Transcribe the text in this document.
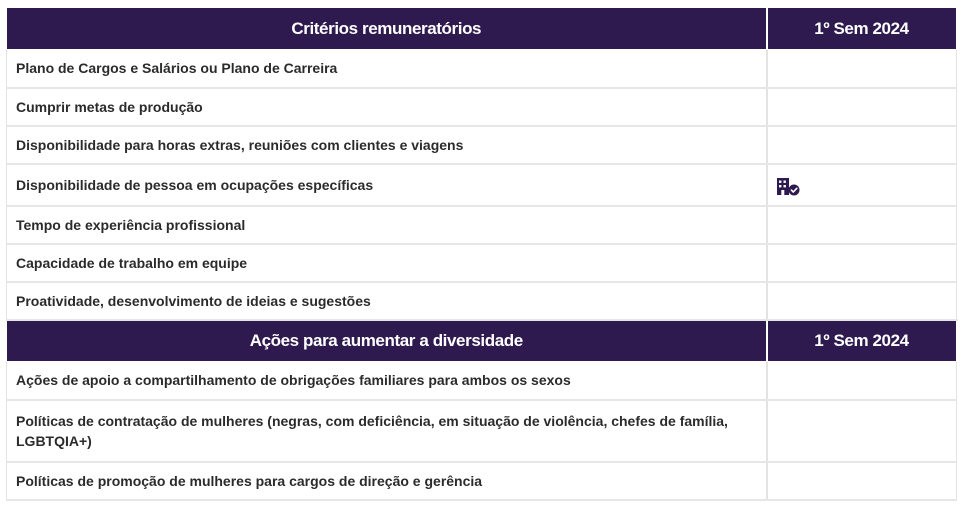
Critérios remuneratórios	1º Sem 2024
Plano de Cargos e Salários ou Plano de Carreira	
Cumprir metas de produção	
Disponibilidade para horas extras, reuniões com clientes e viagens	
Disponibilidade de pessoa em ocupações específicas	
Tempo de experiência profissional	
Capacidade de trabalho em equipe	
Proatividade, desenvolvimento de ideias e sugestões	
Ações para aumentar a diversidade	1º Sem 2024
Ações de apoio a compartilhamento de obrigações familiares para ambos os sexos	
Políticas de contratação de mulheres (negras, com deficiência, em situação de violência, chefes de família, LGBTQIA+)	
Políticas de promoção de mulheres para cargos de direção e gerência	
